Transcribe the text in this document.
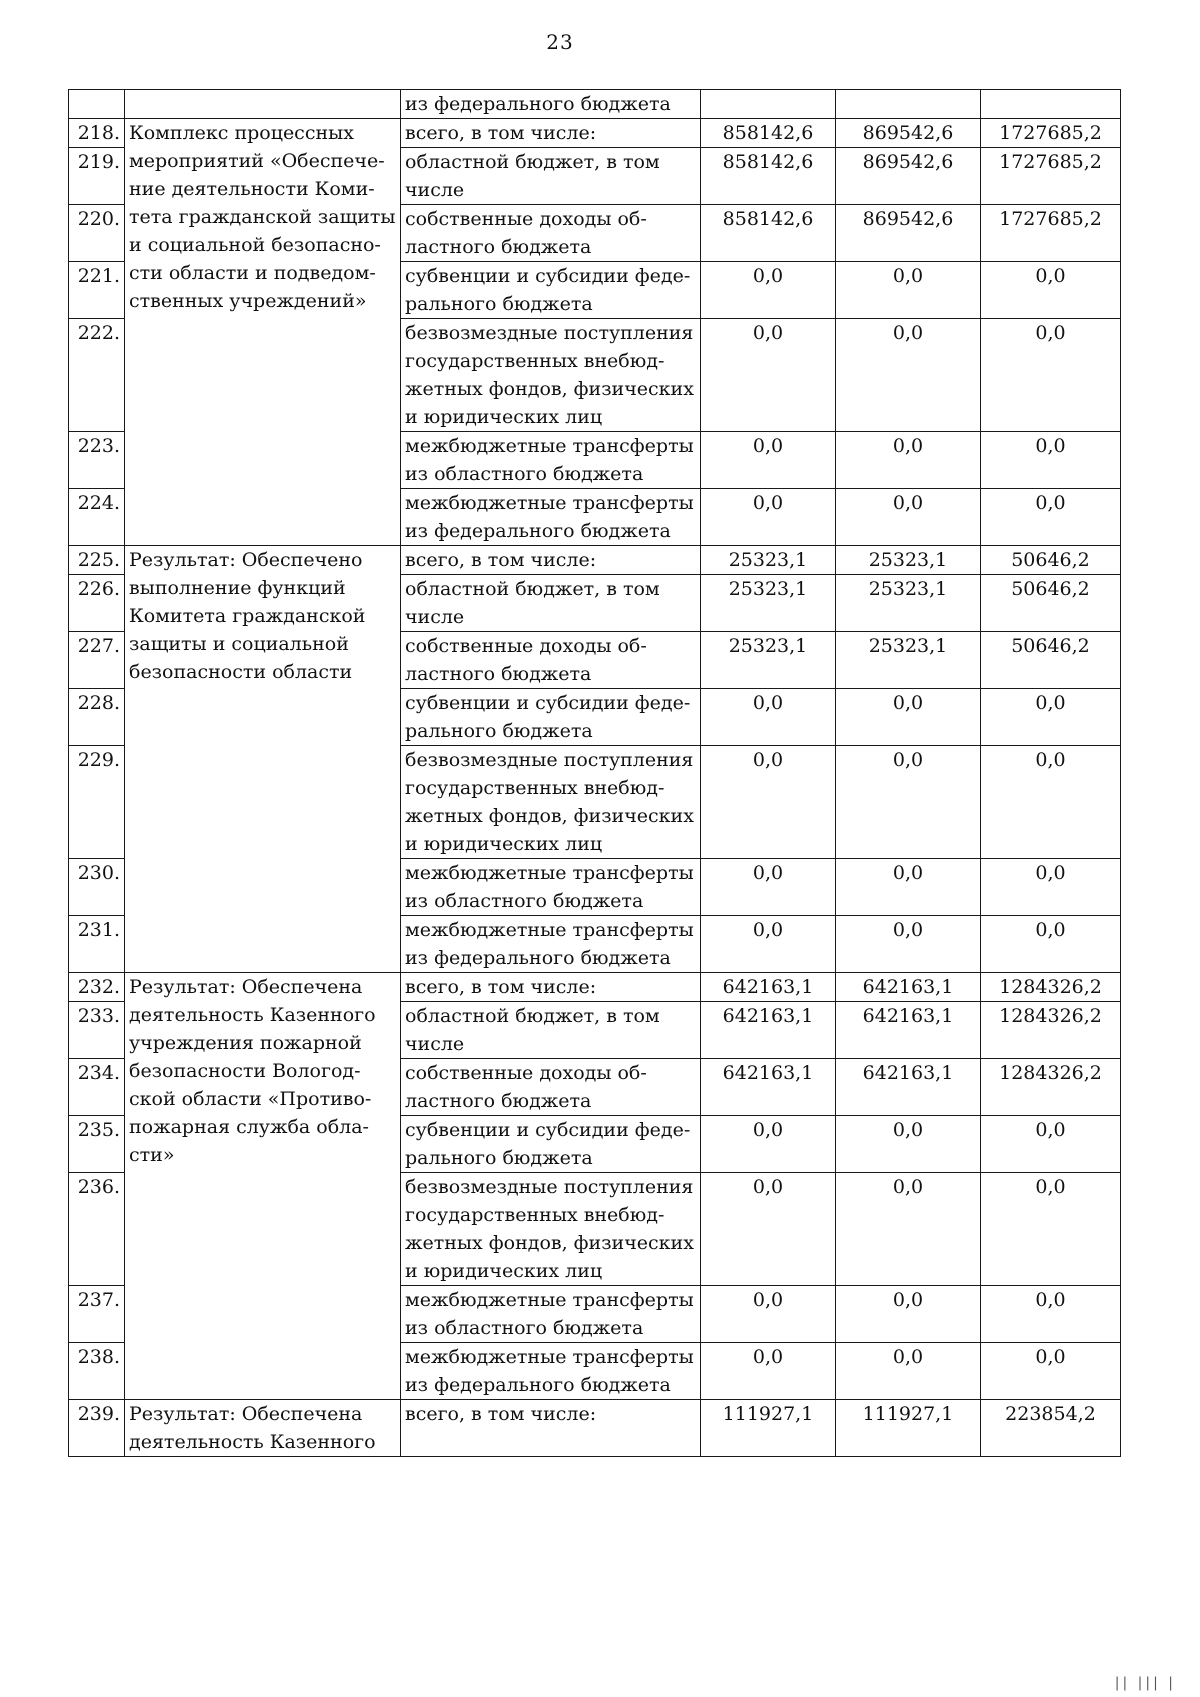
23
		из федерального бюджета			
218.	Комплекс процессных мероприятий «Обеспече- ние деятельности Коми- тета гражданской защиты и социальной безопасно- сти области и подведом- ственных учреждений»	всего, в том числе:	858142,6	869542,6	1727685,2
219.		областной бюджет, в том числе	858142,6	869542,6	1727685,2
220.		собственные доходы об- ластного бюджета	858142,6	869542,6	1727685,2
221.		субвенции и субсидии феде- рального бюджета	0,0	0,0	0,0
222.		безвозмездные поступления государственных внебюд- жетных фондов, физических и юридических лиц	0,0	0,0	0,0
223.		межбюджетные трансферты из областного бюджета	0,0	0,0	0,0
224.		межбюджетные трансферты из федерального бюджета	0,0	0,0	0,0
225.	Результат: Обеспечено выполнение функций Комитета гражданской защиты и социальной безопасности области	всего, в том числе:	25323,1	25323,1	50646,2
226.		областной бюджет, в том числе	25323,1	25323,1	50646,2
227.		собственные доходы об- ластного бюджета	25323,1	25323,1	50646,2
228.		субвенции и субсидии феде- рального бюджета	0,0	0,0	0,0
229.		безвозмездные поступления государственных внебюд- жетных фондов, физических и юридических лиц	0,0	0,0	0,0
230.		межбюджетные трансферты из областного бюджета	0,0	0,0	0,0
231.		межбюджетные трансферты из федерального бюджета	0,0	0,0	0,0
232.	Результат: Обеспечена деятельность Казенного учреждения пожарной безопасности Вологод- ской области «Противо- пожарная служба обла- сти»	всего, в том числе:	642163,1	642163,1	1284326,2
233.		областной бюджет, в том числе	642163,1	642163,1	1284326,2
234.		собственные доходы об- ластного бюджета	642163,1	642163,1	1284326,2
235.		субвенции и субсидии феде- рального бюджета	0,0	0,0	0,0
236.		безвозмездные поступления государственных внебюд- жетных фондов, физических и юридических лиц	0,0	0,0	0,0
237.		межбюджетные трансферты из областного бюджета	0,0	0,0	0,0
238.		межбюджетные трансферты из федерального бюджета	0,0	0,0	0,0
239.	Результат: Обеспечена деятельность Казенного	всего, в том числе:	111927,1	111927,1	223854,2
|| ||| |
